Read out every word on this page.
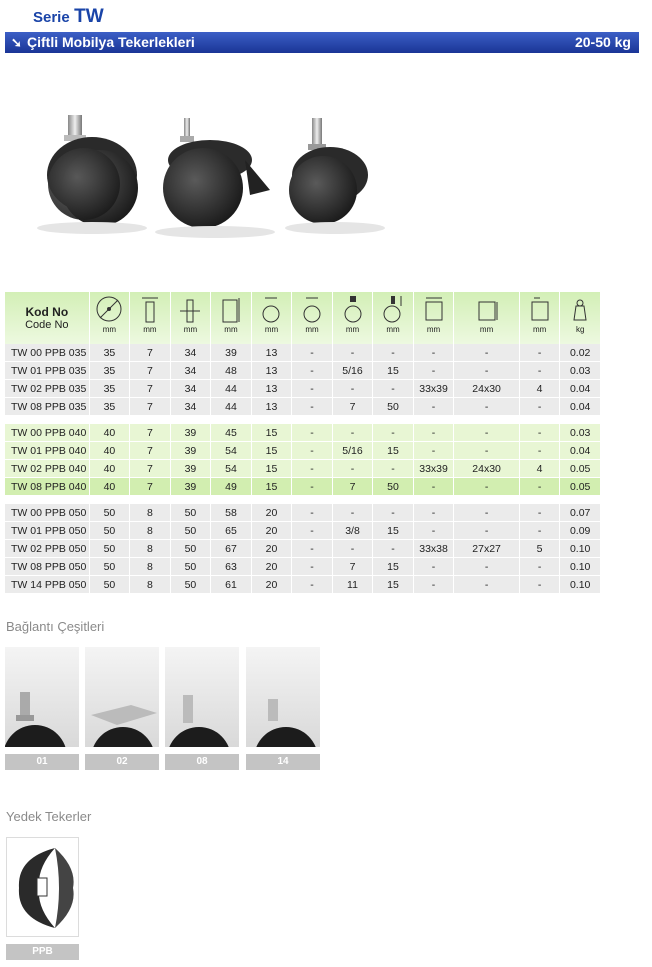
Serie TW
➘ Çiftli Mobilya Tekerlekleri	20-50 kg
Kod No
Code No	mm	mm	mm	mm	mm	mm	mm	mm	mm	mm	mm	kg

TW 00 PPB 035	35	7	34	39	13	-	-	-	-	-	-	0.02
TW 01 PPB 035	35	7	34	48	13	-	5/16	15	-	-	-	0.03
TW 02 PPB 035	35	7	34	44	13	-	-	-	33x39	24x30	4	0.04
TW 08 PPB 035	35	7	34	44	13	-	7	50	-	-	-	0.04

TW 00 PPB 040	40	7	39	45	15	-	-	-	-	-	-	0.03
TW 01 PPB 040	40	7	39	54	15	-	5/16	15	-	-	-	0.04
TW 02 PPB 040	40	7	39	54	15	-	-	-	33x39	24x30	4	0.05
TW 08 PPB 040	40	7	39	49	15	-	7	50	-	-	-	0.05

TW 00 PPB 050	50	8	50	58	20	-	-	-	-	-	-	0.07
TW 01 PPB 050	50	8	50	65	20	-	3/8	15	-	-	-	0.09
TW 02 PPB 050	50	8	50	67	20	-	-	-	33x38	27x27	5	0.10
TW 08 PPB 050	50	8	50	63	20	-	7	15	-	-	-	0.10
TW 14 PPB 050	50	8	50	61	20	-	11	15	-	-	-	0.10
Bağlantı Çeşitleri
01	02	08	14
Yedek Tekerler
PPB
